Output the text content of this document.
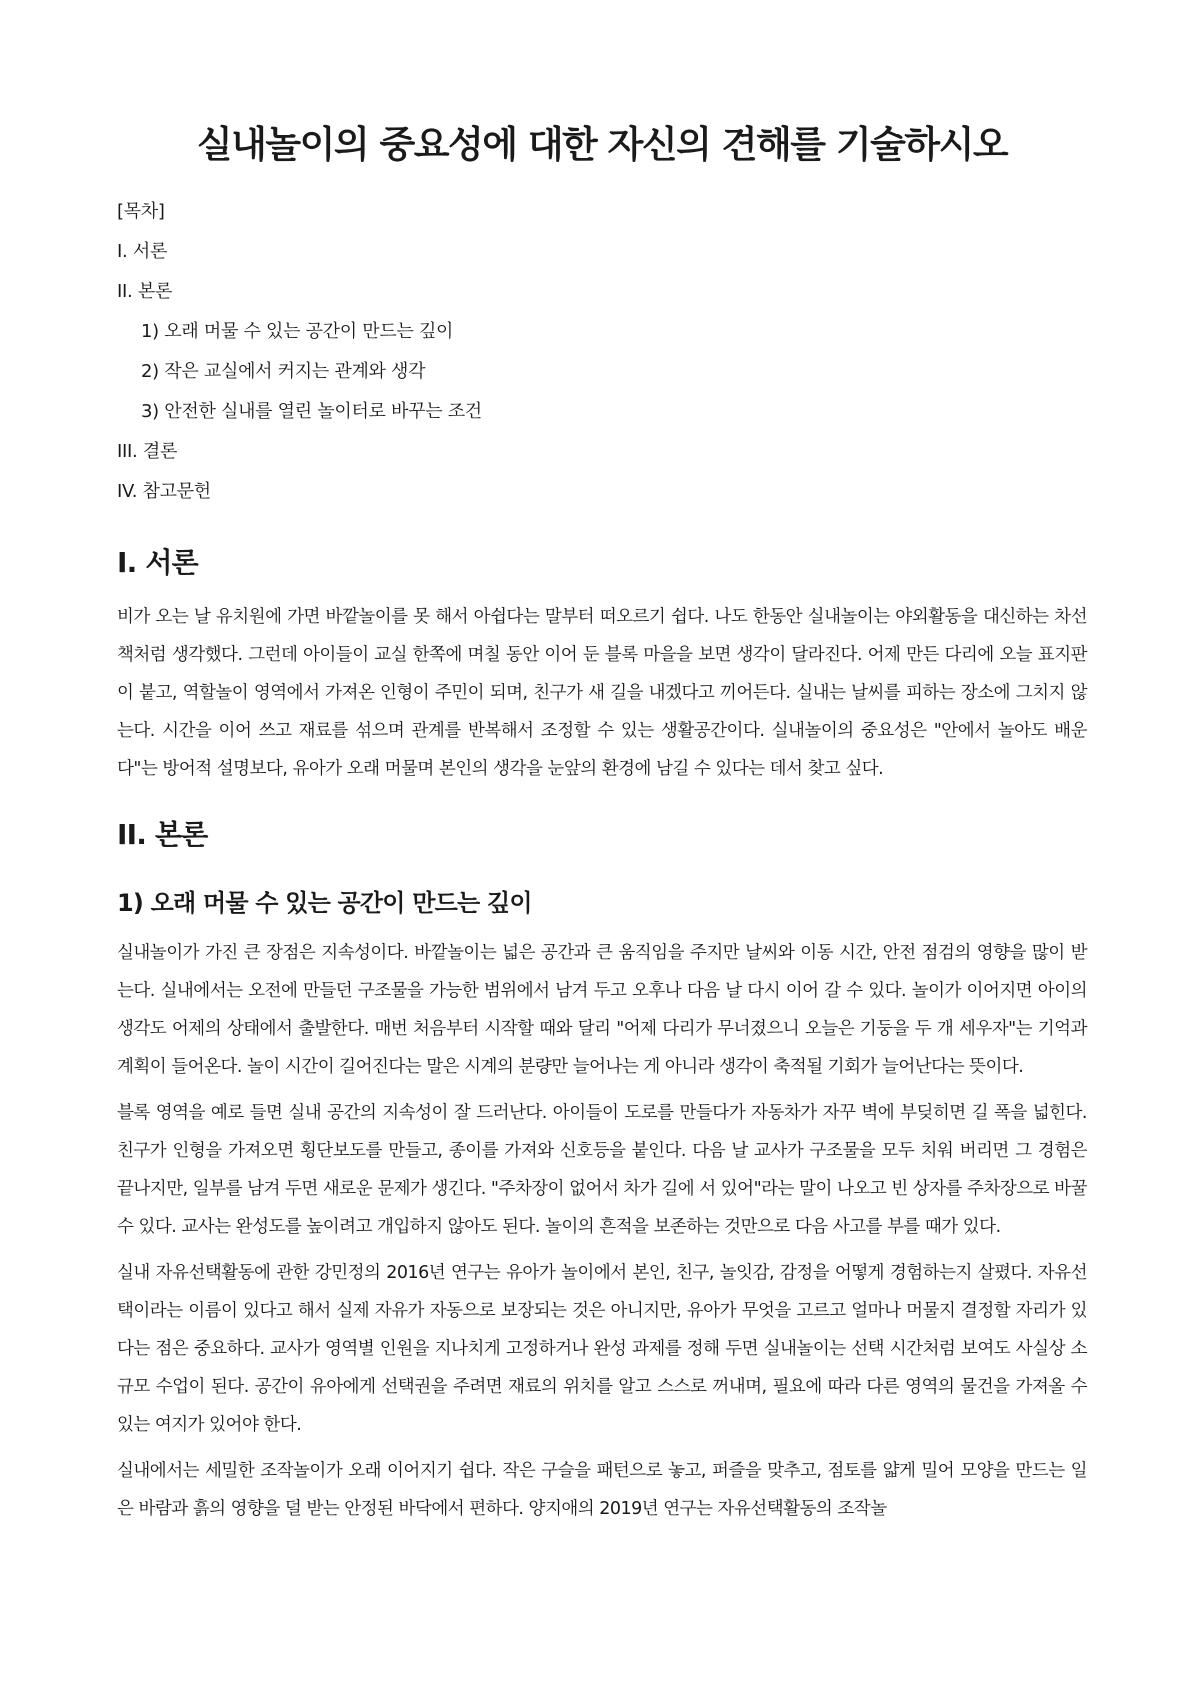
실내놀이의 중요성에 대한 자신의 견해를 기술하시오
[목차]
I. 서론
II. 본론
1) 오래 머물 수 있는 공간이 만드는 깊이
2) 작은 교실에서 커지는 관계와 생각
3) 안전한 실내를 열린 놀이터로 바꾸는 조건
III. 결론
IV. 참고문헌
I. 서론

비가 오는 날 유치원에 가면 바깥놀이를 못 해서 아쉽다는 말부터 떠오르기 쉽다. 나도 한동안 실내놀이는 야외활동을 대신하는 차선책처럼 생각했다. 그런데 아이들이 교실 한쪽에 며칠 동안 이어 둔 블록 마을을 보면 생각이 달라진다. 어제 만든 다리에 오늘 표지판이 붙고, 역할놀이 영역에서 가져온 인형이 주민이 되며, 친구가 새 길을 내겠다고 끼어든다. 실내는 날씨를 피하는 장소에 그치지 않는다. 시간을 이어 쓰고 재료를 섞으며 관계를 반복해서 조정할 수 있는 생활공간이다. 실내놀이의 중요성은 "안에서 놀아도 배운다"는 방어적 설명보다, 유아가 오래 머물며 본인의 생각을 눈앞의 환경에 남길 수 있다는 데서 찾고 싶다.

II. 본론
1) 오래 머물 수 있는 공간이 만드는 깊이

실내놀이가 가진 큰 장점은 지속성이다. 바깥놀이는 넓은 공간과 큰 움직임을 주지만 날씨와 이동 시간, 안전 점검의 영향을 많이 받는다. 실내에서는 오전에 만들던 구조물을 가능한 범위에서 남겨 두고 오후나 다음 날 다시 이어 갈 수 있다. 놀이가 이어지면 아이의 생각도 어제의 상태에서 출발한다. 매번 처음부터 시작할 때와 달리 "어제 다리가 무너졌으니 오늘은 기둥을 두 개 세우자"는 기억과 계획이 들어온다. 놀이 시간이 길어진다는 말은 시계의 분량만 늘어나는 게 아니라 생각이 축적될 기회가 늘어난다는 뜻이다.

블록 영역을 예로 들면 실내 공간의 지속성이 잘 드러난다. 아이들이 도로를 만들다가 자동차가 자꾸 벽에 부딪히면 길 폭을 넓힌다. 친구가 인형을 가져오면 횡단보도를 만들고, 종이를 가져와 신호등을 붙인다. 다음 날 교사가 구조물을 모두 치워 버리면 그 경험은 끝나지만, 일부를 남겨 두면 새로운 문제가 생긴다. "주차장이 없어서 차가 길에 서 있어"라는 말이 나오고 빈 상자를 주차장으로 바꿀 수 있다. 교사는 완성도를 높이려고 개입하지 않아도 된다. 놀이의 흔적을 보존하는 것만으로 다음 사고를 부를 때가 있다.

실내 자유선택활동에 관한 강민정의 2016년 연구는 유아가 놀이에서 본인, 친구, 놀잇감, 감정을 어떻게 경험하는지 살폈다. 자유선택이라는 이름이 있다고 해서 실제 자유가 자동으로 보장되는 것은 아니지만, 유아가 무엇을 고르고 얼마나 머물지 결정할 자리가 있다는 점은 중요하다. 교사가 영역별 인원을 지나치게 고정하거나 완성 과제를 정해 두면 실내놀이는 선택 시간처럼 보여도 사실상 소규모 수업이 된다. 공간이 유아에게 선택권을 주려면 재료의 위치를 알고 스스로 꺼내며, 필요에 따라 다른 영역의 물건을 가져올 수 있는 여지가 있어야 한다.

실내에서는 세밀한 조작놀이가 오래 이어지기 쉽다. 작은 구슬을 패턴으로 놓고, 퍼즐을 맞추고, 점토를 얇게 밀어 모양을 만드는 일은 바람과 흙의 영향을 덜 받는 안정된 바닥에서 편하다. 양지애의 2019년 연구는 자유선택활동의 조작놀
